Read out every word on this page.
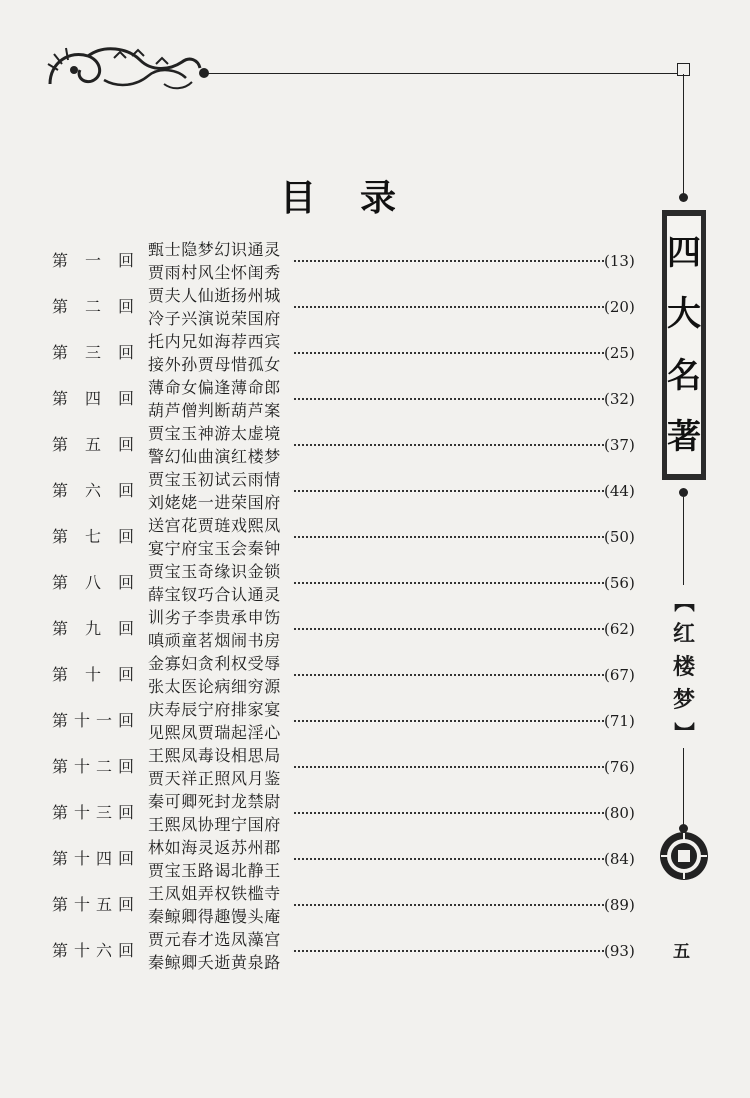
四
大
名
著
【
红
楼
梦
】
五
目录
第 一 回
甄士隐梦幻识通灵
贾雨村风尘怀闺秀
(13)
第 二 回
贾夫人仙逝扬州城
冷子兴演说荣国府
(20)
第 三 回
托内兄如海荐西宾
接外孙贾母惜孤女
(25)
第 四 回
薄命女偏逢薄命郎
葫芦僧判断葫芦案
(32)
第 五 回
贾宝玉神游太虚境
警幻仙曲演红楼梦
(37)
第 六 回
贾宝玉初试云雨情
刘姥姥一进荣国府
(44)
第 七 回
送宫花贾琏戏熙凤
宴宁府宝玉会秦钟
(50)
第 八 回
贾宝玉奇缘识金锁
薛宝钗巧合认通灵
(56)
第 九 回
训劣子李贵承申饬
嗔顽童茗烟闹书房
(62)
第 十 回
金寡妇贪利权受辱
张太医论病细穷源
(67)
第 十 一 回
庆寿辰宁府排家宴
见熙凤贾瑞起淫心
(71)
第 十 二 回
王熙凤毒设相思局
贾天祥正照风月鉴
(76)
第 十 三 回
秦可卿死封龙禁尉
王熙凤协理宁国府
(80)
第 十 四 回
林如海灵返苏州郡
贾宝玉路谒北静王
(84)
第 十 五 回
王凤姐弄权铁槛寺
秦鲸卿得趣馒头庵
(89)
第 十 六 回
贾元春才选凤藻宫
秦鲸卿夭逝黄泉路
(93)
